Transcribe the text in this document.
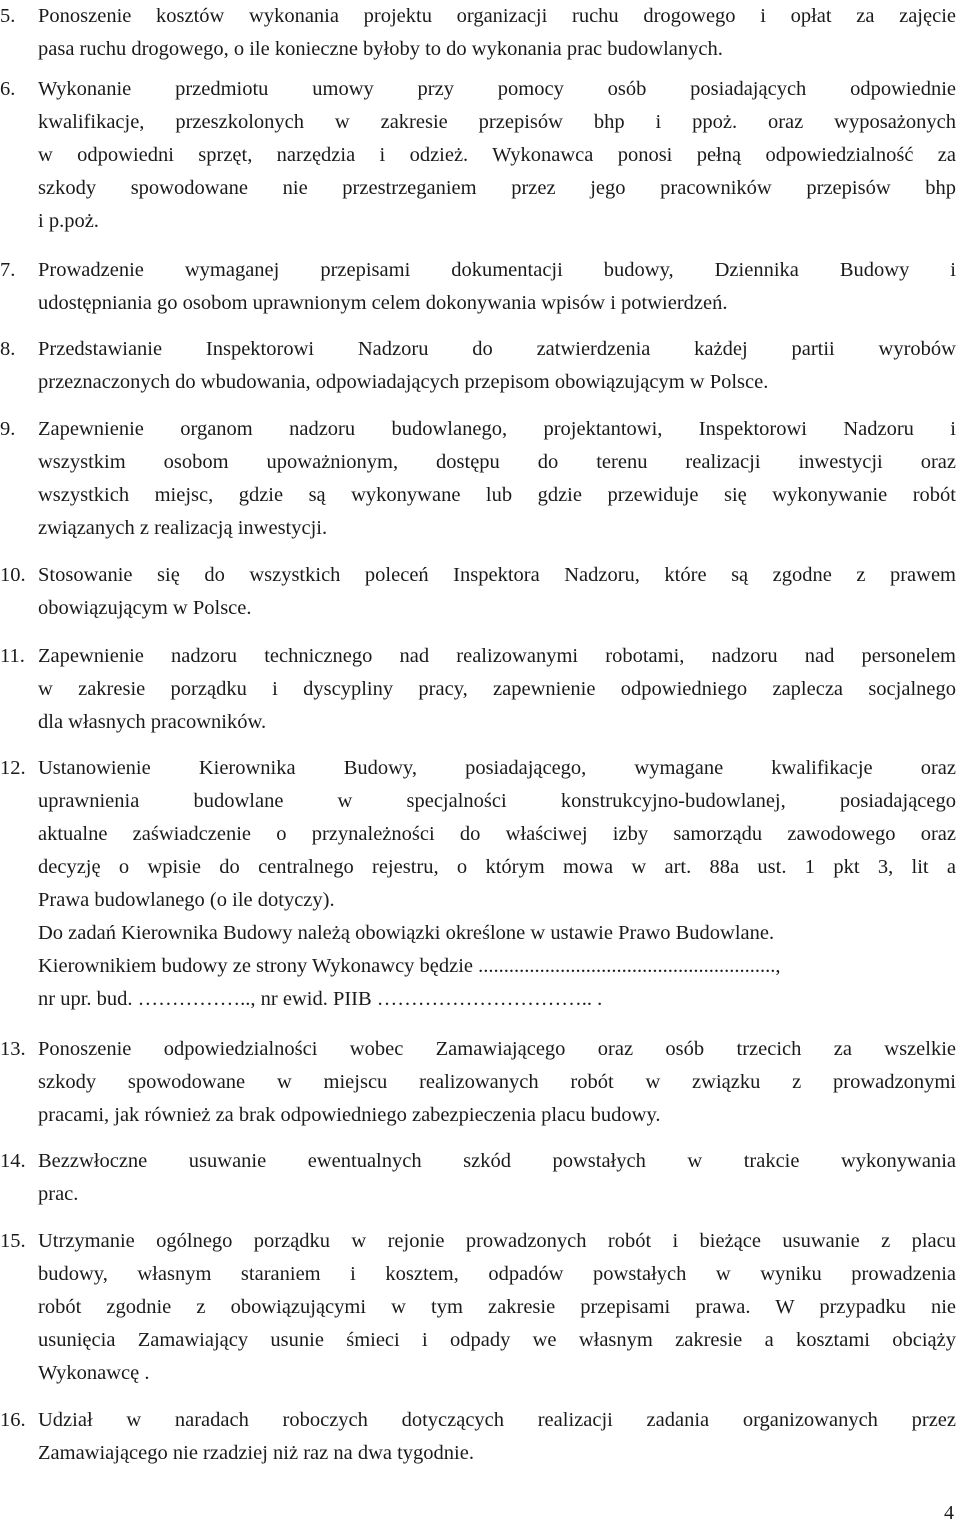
5. Ponoszenie kosztów wykonania projektu organizacji ruchu drogowego i opłat za zajęcie
pasa ruchu drogowego, o ile konieczne byłoby to do wykonania prac budowlanych.
6. Wykonanie przedmiotu umowy przy pomocy osób posiadających odpowiednie
kwalifikacje, przeszkolonych w zakresie przepisów bhp i ppoż. oraz wyposażonych
w odpowiedni sprzęt, narzędzia i odzież. Wykonawca ponosi pełną odpowiedzialność za
szkody spowodowane nie przestrzeganiem przez jego pracowników przepisów bhp
i p.poż.
7. Prowadzenie wymaganej przepisami dokumentacji budowy, Dziennika Budowy i
udostępniania go osobom uprawnionym celem dokonywania wpisów i potwierdzeń.
8. Przedstawianie Inspektorowi Nadzoru do zatwierdzenia każdej partii wyrobów
przeznaczonych do wbudowania, odpowiadających przepisom obowiązującym w Polsce.
9. Zapewnienie organom nadzoru budowlanego, projektantowi, Inspektorowi Nadzoru i
wszystkim osobom upoważnionym, dostępu do terenu realizacji inwestycji oraz
wszystkich miejsc, gdzie są wykonywane lub gdzie przewiduje się wykonywanie robót
związanych z realizacją inwestycji.
10. Stosowanie się do wszystkich poleceń Inspektora Nadzoru, które są zgodne z prawem
obowiązującym w Polsce.
11. Zapewnienie nadzoru technicznego nad realizowanymi robotami, nadzoru nad personelem
w zakresie porządku i dyscypliny pracy, zapewnienie odpowiedniego zaplecza socjalnego
dla własnych pracowników.
12. Ustanowienie Kierownika Budowy, posiadającego, wymagane kwalifikacje oraz
uprawnienia budowlane w specjalności konstrukcyjno-budowlanej, posiadającego
aktualne zaświadczenie o przynależności do właściwej izby samorządu zawodowego oraz
decyzję o wpisie do centralnego rejestru, o którym mowa w art. 88a ust. 1 pkt 3, lit a
Prawa budowlanego (o ile dotyczy).
Do zadań Kierownika Budowy należą obowiązki określone w ustawie Prawo Budowlane.
Kierownikiem budowy ze strony Wykonawcy będzie ..........................................................,
nr upr. bud. …………….., nr ewid. PIIB ………………………….. .
13. Ponoszenie odpowiedzialności wobec Zamawiającego oraz osób trzecich za wszelkie
szkody spowodowane w miejscu realizowanych robót w związku z prowadzonymi
pracami, jak również za brak odpowiedniego zabezpieczenia placu budowy.
14. Bezzwłoczne usuwanie ewentualnych szkód powstałych w trakcie wykonywania
prac.
15. Utrzymanie ogólnego porządku w rejonie prowadzonych robót i bieżące usuwanie z placu
budowy, własnym staraniem i kosztem, odpadów powstałych w wyniku prowadzenia
robót zgodnie z obowiązującymi w tym zakresie przepisami prawa. W przypadku nie
usunięcia Zamawiający usunie śmieci i odpady we własnym zakresie a kosztami obciąży
Wykonawcę .
16. Udział w naradach roboczych dotyczących realizacji zadania organizowanych przez
Zamawiającego nie rzadziej niż raz na dwa tygodnie.
4
